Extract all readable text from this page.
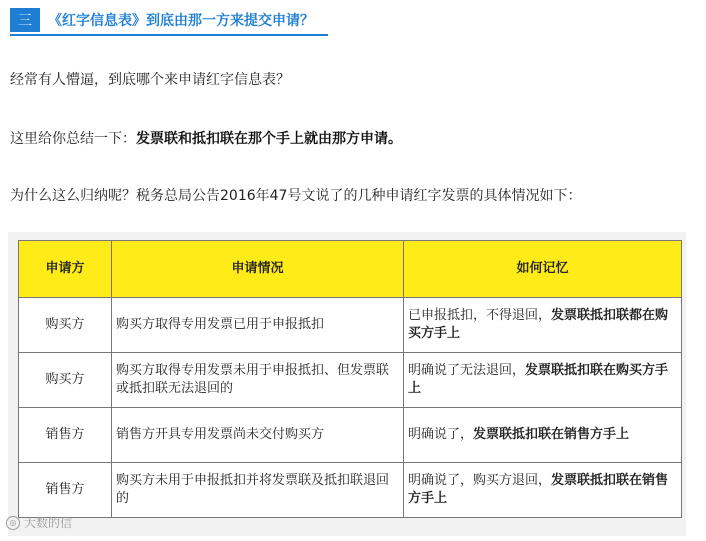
三	《红字信息表》到底由那一方来提交申请？
经常有人懵逼，到底哪个来申请红字信息表？
这里给你总结一下：发票联和抵扣联在那个手上就由那方申请。
为什么这么归纳呢？税务总局公告2016年47号文说了的几种申请红字发票的具体情况如下：
申请方	申请情况	如何记忆
购买方	购买方取得专用发票已用于申报抵扣	已申报抵扣，不得退回，发票联抵扣联都在购买方手上
购买方	购买方取得专用发票未用于申报抵扣、但发票联或抵扣联无法退回的	明确说了无法退回，发票联抵扣联在购买方手上
销售方	销售方开具专用发票尚未交付购买方	明确说了，发票联抵扣联在销售方手上
销售方	购买方未用于申报抵扣并将发票联及抵扣联退回的	明确说了，购买方退回，发票联抵扣联在销售方手上
◎ 大数的信
